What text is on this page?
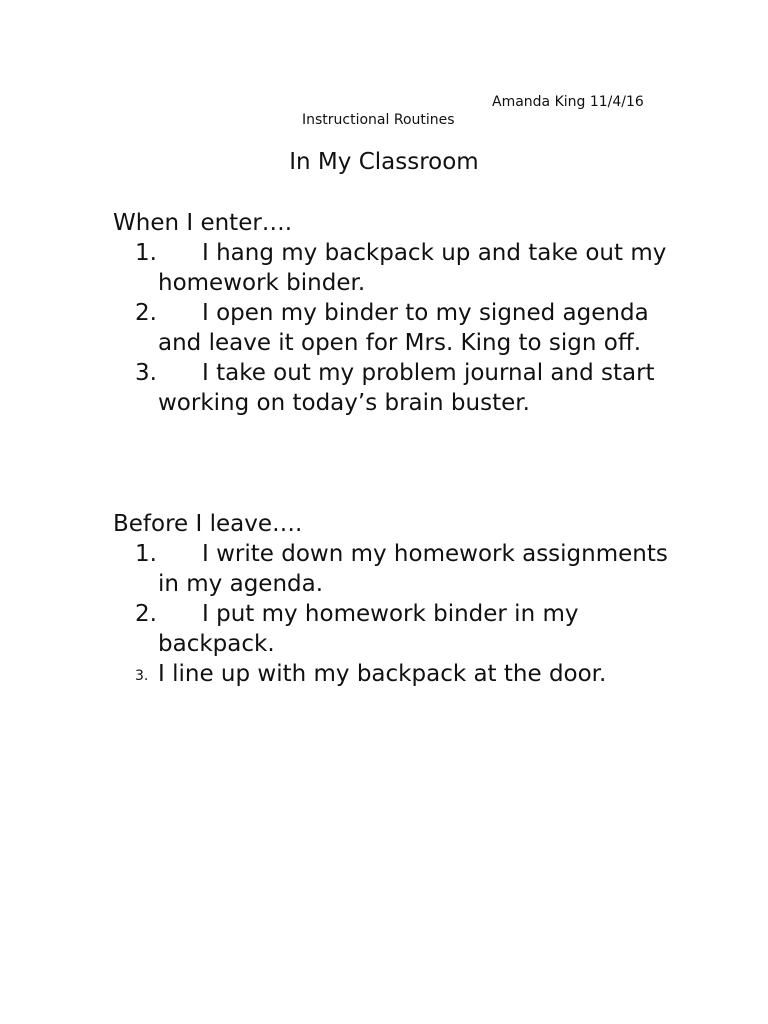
Amanda King 11/4/16
Instructional Routines
In My Classroom

When I enter….

1.	I hang my backpack up and take out my homework binder.
2.	I open my binder to my signed agenda and leave it open for Mrs. King to sign off.
3.	I take out my problem journal and start working on today’s brain buster.

Before I leave….

1.	I write down my homework assignments in my agenda.
2.	I put my homework binder in my backpack.
3. I line up with my backpack at the door.
